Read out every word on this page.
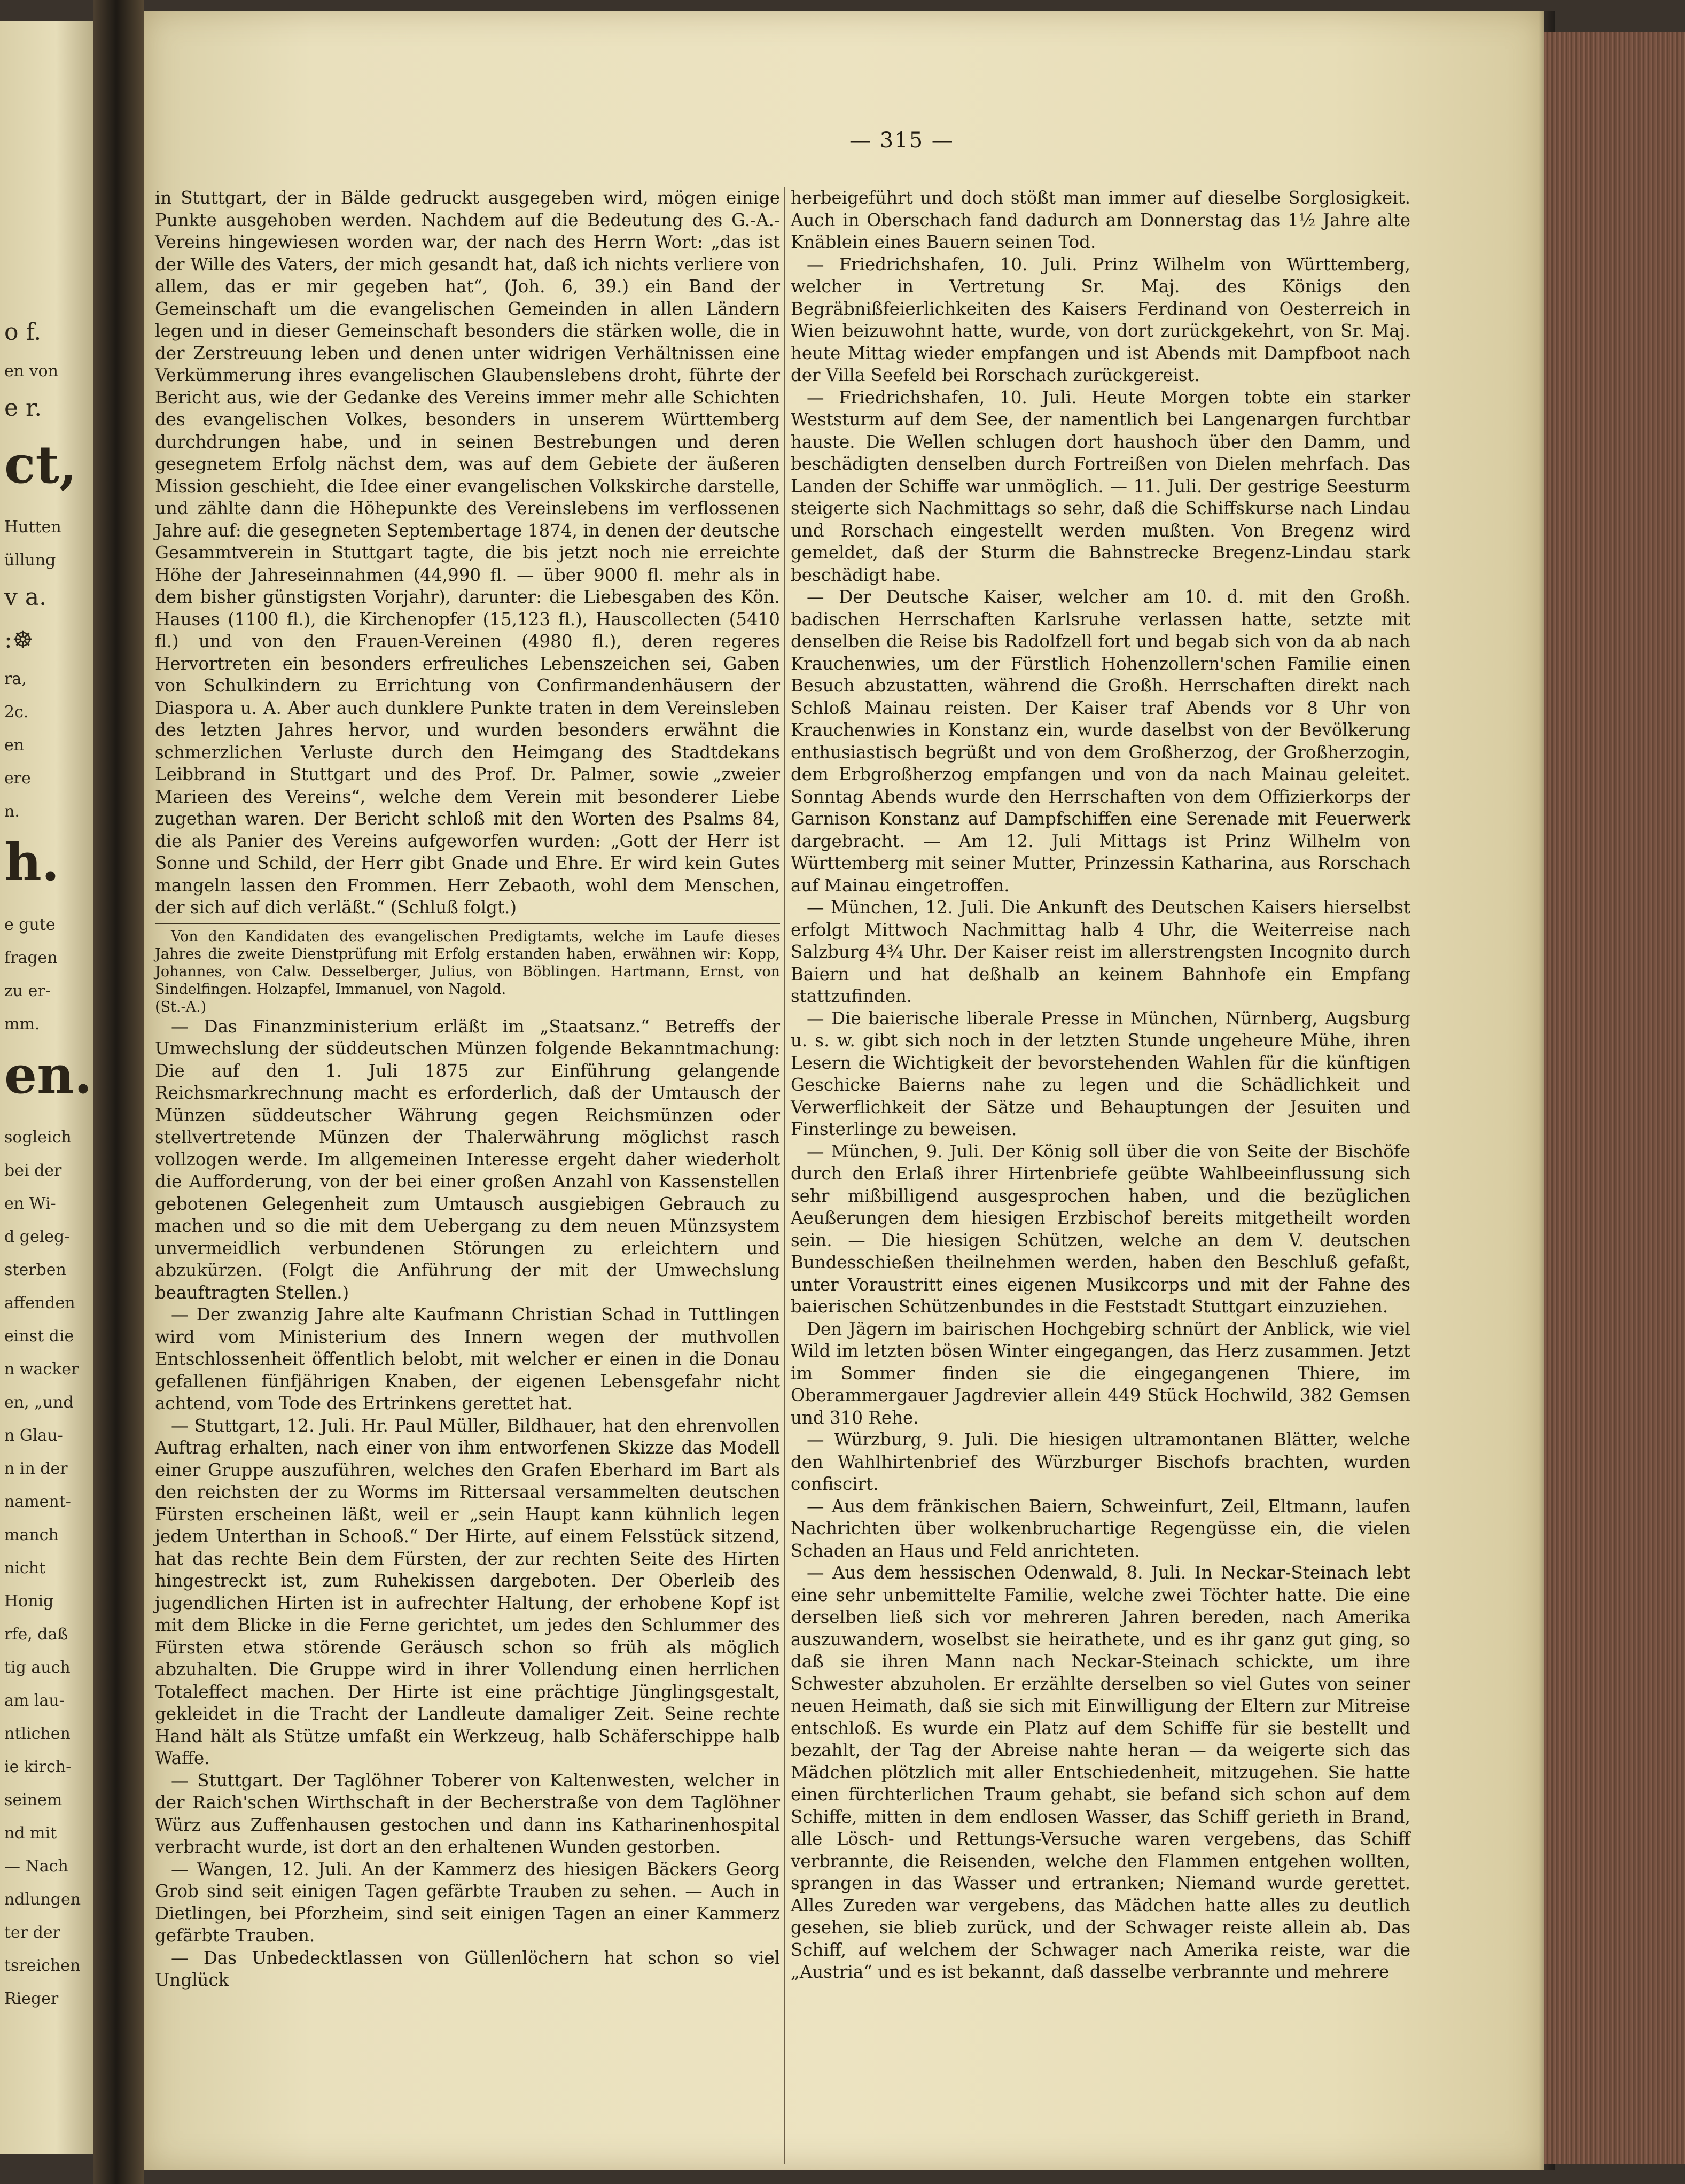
o f.
en von
e r.
ct,
Hutten
üllung
v a.
:☸
ra,
2c.
en
ere
n.
h.
e gute
fragen
zu er-
mm.
en.
sogleich
bei der
en Wi-
d geleg-
sterben
affenden
einst die
n wacker
en, „und
n Glau-
n in der
nament-
manch
nicht
Honig
rfe, daß
tig auch
am lau-
ntlichen
ie kirch-
seinem
nd mit
— Nach
ndlungen
ter der
tsreichen
Rieger
— 315 —

in Stuttgart, der in Bälde gedruckt ausgegeben wird, mögen einige Punkte ausgehoben werden. Nachdem auf die Bedeutung des G.-A.-Vereins hingewiesen worden war, der nach des Herrn Wort: „das ist der Wille des Vaters, der mich gesandt hat, daß ich nichts verliere von allem, das er mir gegeben hat“, (Joh. 6, 39.) ein Band der Gemeinschaft um die evangelischen Gemeinden in allen Ländern legen und in dieser Gemeinschaft besonders die stärken wolle, die in der Zerstreuung leben und denen unter widrigen Verhältnissen eine Verkümmerung ihres evangelischen Glaubenslebens droht, führte der Bericht aus, wie der Gedanke des Vereins immer mehr alle Schichten des evangelischen Volkes, besonders in unserem Württemberg durchdrungen habe, und in seinen Bestrebungen und deren gesegnetem Erfolg nächst dem, was auf dem Gebiete der äußeren Mission geschieht, die Idee einer evangelischen Volkskirche darstelle, und zählte dann die Höhepunkte des Vereinslebens im verflossenen Jahre auf: die gesegneten Septembertage 1874, in denen der deutsche Gesammtverein in Stuttgart tagte, die bis jetzt noch nie erreichte Höhe der Jahreseinnahmen (44,990 fl. — über 9000 fl. mehr als in dem bisher günstigsten Vorjahr), darunter: die Liebesgaben des Kön. Hauses (1100 fl.), die Kirchenopfer (15,123 fl.), Hauscollecten (5410 fl.) und von den Frauen-Vereinen (4980 fl.), deren regeres Hervortreten ein besonders erfreuliches Lebenszeichen sei, Gaben von Schulkindern zu Errichtung von Confirmandenhäusern der Diaspora u. A. Aber auch dunklere Punkte traten in dem Vereinsleben des letzten Jahres hervor, und wurden besonders erwähnt die schmerzlichen Verluste durch den Heimgang des Stadtdekans Leibbrand in Stuttgart und des Prof. Dr. Palmer, sowie „zweier Marieen des Vereins“, welche dem Verein mit besonderer Liebe zugethan waren. Der Bericht schloß mit den Worten des Psalms 84, die als Panier des Vereins aufgeworfen wurden: „Gott der Herr ist Sonne und Schild, der Herr gibt Gnade und Ehre. Er wird kein Gutes mangeln lassen den Frommen. Herr Zebaoth, wohl dem Menschen, der sich auf dich verläßt.“ (Schluß folgt.)

Von den Kandidaten des evangelischen Predigtamts, welche im Laufe dieses Jahres die zweite Dienstprüfung mit Erfolg erstanden haben, erwähnen wir: Kopp, Johannes, von Calw. Desselberger, Julius, von Böblingen. Hartmann, Ernst, von Sindelfingen. Holzapfel, Immanuel, von Nagold.

(St.-A.)

— Das Finanzministerium erläßt im „Staatsanz.“ Betreffs der Umwechslung der süddeutschen Münzen folgende Bekanntmachung: Die auf den 1. Juli 1875 zur Einführung gelangende Reichsmarkrechnung macht es erforderlich, daß der Umtausch der Münzen süddeutscher Währung gegen Reichsmünzen oder stellvertretende Münzen der Thalerwährung möglichst rasch vollzogen werde. Im allgemeinen Interesse ergeht daher wiederholt die Aufforderung, von der bei einer großen Anzahl von Kassenstellen gebotenen Gelegenheit zum Umtausch ausgiebigen Gebrauch zu machen und so die mit dem Uebergang zu dem neuen Münzsystem unvermeidlich verbundenen Störungen zu erleichtern und abzukürzen. (Folgt die Anführung der mit der Umwechslung beauftragten Stellen.)

— Der zwanzig Jahre alte Kaufmann Christian Schad in Tuttlingen wird vom Ministerium des Innern wegen der muthvollen Entschlossenheit öffentlich belobt, mit welcher er einen in die Donau gefallenen fünfjährigen Knaben, der eigenen Lebensgefahr nicht achtend, vom Tode des Ertrinkens gerettet hat.

— Stuttgart, 12. Juli. Hr. Paul Müller, Bildhauer, hat den ehrenvollen Auftrag erhalten, nach einer von ihm entworfenen Skizze das Modell einer Gruppe auszuführen, welches den Grafen Eberhard im Bart als den reichsten der zu Worms im Rittersaal versammelten deutschen Fürsten erscheinen läßt, weil er „sein Haupt kann kühnlich legen jedem Unterthan in Schooß.“ Der Hirte, auf einem Felsstück sitzend, hat das rechte Bein dem Fürsten, der zur rechten Seite des Hirten hingestreckt ist, zum Ruhekissen dargeboten. Der Oberleib des jugendlichen Hirten ist in aufrechter Haltung, der erhobene Kopf ist mit dem Blicke in die Ferne gerichtet, um jedes den Schlummer des Fürsten etwa störende Geräusch schon so früh als möglich abzuhalten. Die Gruppe wird in ihrer Vollendung einen herrlichen Totaleffect machen. Der Hirte ist eine prächtige Jünglingsgestalt, gekleidet in die Tracht der Landleute damaliger Zeit. Seine rechte Hand hält als Stütze umfaßt ein Werkzeug, halb Schäferschippe halb Waffe.

— Stuttgart. Der Taglöhner Toberer von Kaltenwesten, welcher in der Raich'schen Wirthschaft in der Becherstraße von dem Taglöhner Würz aus Zuffenhausen gestochen und dann ins Katharinenhospital verbracht wurde, ist dort an den erhaltenen Wunden gestorben.

— Wangen, 12. Juli. An der Kammerz des hiesigen Bäckers Georg Grob sind seit einigen Tagen gefärbte Trauben zu sehen. — Auch in Dietlingen, bei Pforzheim, sind seit einigen Tagen an einer Kammerz gefärbte Trauben.

— Das Unbedecktlassen von Güllenlöchern hat schon so viel Unglück

herbeigeführt und doch stößt man immer auf dieselbe Sorglosigkeit. Auch in Oberschach fand dadurch am Donnerstag das 1½ Jahre alte Knäblein eines Bauern seinen Tod.

— Friedrichshafen, 10. Juli. Prinz Wilhelm von Württemberg, welcher in Vertretung Sr. Maj. des Königs den Begräbnißfeierlichkeiten des Kaisers Ferdinand von Oesterreich in Wien beizuwohnt hatte, wurde, von dort zurückgekehrt, von Sr. Maj. heute Mittag wieder empfangen und ist Abends mit Dampfboot nach der Villa Seefeld bei Rorschach zurückgereist.

— Friedrichshafen, 10. Juli. Heute Morgen tobte ein starker Weststurm auf dem See, der namentlich bei Langenargen furchtbar hauste. Die Wellen schlugen dort haushoch über den Damm, und beschädigten denselben durch Fortreißen von Dielen mehrfach. Das Landen der Schiffe war unmöglich. — 11. Juli. Der gestrige Seesturm steigerte sich Nachmittags so sehr, daß die Schiffskurse nach Lindau und Rorschach eingestellt werden mußten. Von Bregenz wird gemeldet, daß der Sturm die Bahnstrecke Bregenz-Lindau stark beschädigt habe.

— Der Deutsche Kaiser, welcher am 10. d. mit den Großh. badischen Herrschaften Karlsruhe verlassen hatte, setzte mit denselben die Reise bis Radolfzell fort und begab sich von da ab nach Krauchenwies, um der Fürstlich Hohenzollern'schen Familie einen Besuch abzustatten, während die Großh. Herrschaften direkt nach Schloß Mainau reisten. Der Kaiser traf Abends vor 8 Uhr von Krauchenwies in Konstanz ein, wurde daselbst von der Bevölkerung enthusiastisch begrüßt und von dem Großherzog, der Großherzogin, dem Erbgroßherzog empfangen und von da nach Mainau geleitet. Sonntag Abends wurde den Herrschaften von dem Offizierkorps der Garnison Konstanz auf Dampfschiffen eine Serenade mit Feuerwerk dargebracht. — Am 12. Juli Mittags ist Prinz Wilhelm von Württemberg mit seiner Mutter, Prinzessin Katharina, aus Rorschach auf Mainau eingetroffen.

— München, 12. Juli. Die Ankunft des Deutschen Kaisers hierselbst erfolgt Mittwoch Nachmittag halb 4 Uhr, die Weiterreise nach Salzburg 4¾ Uhr. Der Kaiser reist im allerstrengsten Incognito durch Baiern und hat deßhalb an keinem Bahnhofe ein Empfang stattzufinden.

— Die baierische liberale Presse in München, Nürnberg, Augsburg u. s. w. gibt sich noch in der letzten Stunde ungeheure Mühe, ihren Lesern die Wichtigkeit der bevorstehenden Wahlen für die künftigen Geschicke Baierns nahe zu legen und die Schädlichkeit und Verwerflichkeit der Sätze und Behauptungen der Jesuiten und Finsterlinge zu beweisen.

— München, 9. Juli. Der König soll über die von Seite der Bischöfe durch den Erlaß ihrer Hirtenbriefe geübte Wahlbeeinflussung sich sehr mißbilligend ausgesprochen haben, und die bezüglichen Aeußerungen dem hiesigen Erzbischof bereits mitgetheilt worden sein. — Die hiesigen Schützen, welche an dem V. deutschen Bundesschießen theilnehmen werden, haben den Beschluß gefaßt, unter Voraustritt eines eigenen Musikcorps und mit der Fahne des baierischen Schützenbundes in die Feststadt Stuttgart einzuziehen.

Den Jägern im bairischen Hochgebirg schnürt der Anblick, wie viel Wild im letzten bösen Winter eingegangen, das Herz zusammen. Jetzt im Sommer finden sie die eingegangenen Thiere, im Oberammergauer Jagdrevier allein 449 Stück Hochwild, 382 Gemsen und 310 Rehe.

— Würzburg, 9. Juli. Die hiesigen ultramontanen Blätter, welche den Wahlhirtenbrief des Würzburger Bischofs brachten, wurden confiscirt.

— Aus dem fränkischen Baiern, Schweinfurt, Zeil, Eltmann, laufen Nachrichten über wolkenbruchartige Regengüsse ein, die vielen Schaden an Haus und Feld anrichteten.

— Aus dem hessischen Odenwald, 8. Juli. In Neckar-Steinach lebt eine sehr unbemittelte Familie, welche zwei Töchter hatte. Die eine derselben ließ sich vor mehreren Jahren bereden, nach Amerika auszuwandern, woselbst sie heirathete, und es ihr ganz gut ging, so daß sie ihren Mann nach Neckar-Steinach schickte, um ihre Schwester abzuholen. Er erzählte derselben so viel Gutes von seiner neuen Heimath, daß sie sich mit Einwilligung der Eltern zur Mitreise entschloß. Es wurde ein Platz auf dem Schiffe für sie bestellt und bezahlt, der Tag der Abreise nahte heran — da weigerte sich das Mädchen plötzlich mit aller Entschiedenheit, mitzugehen. Sie hatte einen fürchterlichen Traum gehabt, sie befand sich schon auf dem Schiffe, mitten in dem endlosen Wasser, das Schiff gerieth in Brand, alle Lösch- und Rettungs-Versuche waren vergebens, das Schiff verbrannte, die Reisenden, welche den Flammen entgehen wollten, sprangen in das Wasser und ertranken; Niemand wurde gerettet. Alles Zureden war vergebens, das Mädchen hatte alles zu deutlich gesehen, sie blieb zurück, und der Schwager reiste allein ab. Das Schiff, auf welchem der Schwager nach Amerika reiste, war die „Austria“ und es ist bekannt, daß dasselbe verbrannte und mehrere
